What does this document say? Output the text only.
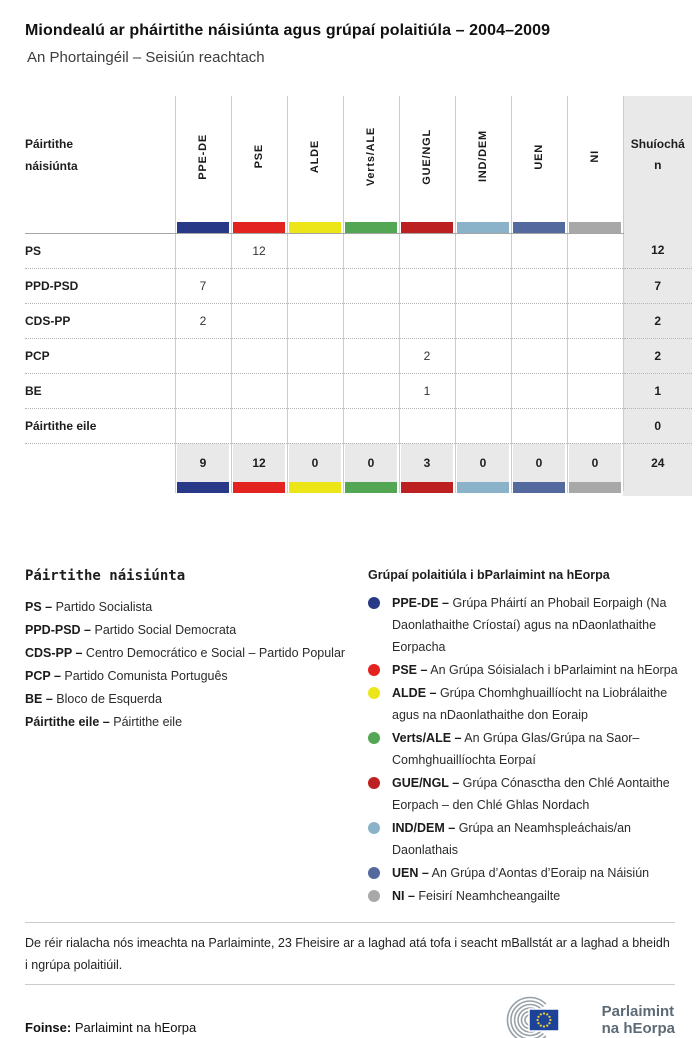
Miondealú ar pháirtithe náisiúnta agus grúpaí polaitiúla – 2004–2009
An Phortaingéil – Seisiún reachtach
Páirtithe náisiúnta	PPE-DE	PSE	ALDE	Verts/ALE	GUE/NGL	IND/DEM	UEN	NI	Shuíochán

PS		12							12
PPD-PSD	7								7
CDS-PP	2								2
PCP					2				2
BE					1				1
Páirtithe eile									0
	9	12	0	0	3	0	0	0	24

Páirtithe náisiúnta

PS – Partido Socialista

PPD-PSD – Partido Social Democrata

CDS-PP – Centro Democrático e Social – Partido Popular

PCP – Partido Comunista Português

BE – Bloco de Esquerda

Páirtithe eile – Páirtithe eile

Grúpaí polaitiúla i bParlaimint na hEorpa

PPE-DE – Grúpa Pháirtí an Phobail Eorpaigh (Na Daonlathaithe Críostaí) agus na nDaonlathaithe Eorpacha

PSE – An Grúpa Sóisialach i bParlaimint na hEorpa

ALDE – Grúpa Chomhghuaillíocht na Liobrálaithe agus na nDaonlathaithe don Eoraip

Verts/ALE – An Grúpa Glas/Grúpa na Saor–Comhghuaillíochta Eorpaí

GUE/NGL – Grúpa Cónasctha den Chlé Aontaithe Eorpach – den Chlé Ghlas Nordach

IND/DEM – Grúpa an Neamhspleáchais/an Daonlathais

UEN – An Grúpa d’Aontas d’Eoraip na Náisiún

NI – Feisirí Neamhcheangailte

De réir rialacha nós imeachta na Parlaiminte, 23 Fheisire ar a laghad atá tofa i seacht mBallstát ar a laghad a bheidh i ngrúpa polaitiúil.

Foinse: Parlaimint na hEorpa

Parlaimint
na hEorpa
